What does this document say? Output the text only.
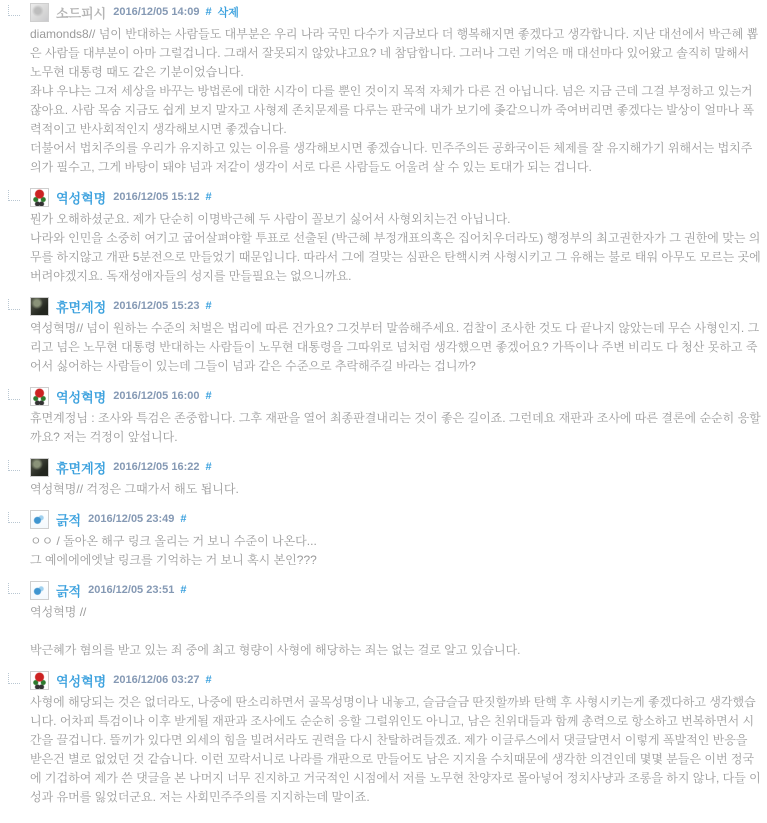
소드피시 2016/12/05 14:09 # 삭제
diamonds8// 넘이 반대하는 사람들도 대부분은 우리 나라 국민 다수가 지금보다 더 행복해지면 좋겠다고 생각합니다. 지난 대선에서 박근혜 뽑은 사람들 대부분이 아마 그럴겁니다. 그래서 잘못되지 않았냐고요? 네 참담합니다. 그러나 그런 기억은 매 대선마다 있어왔고 솔직히 말해서 노무현 대통령 때도 같은 기분이었습니다.
좌냐 우냐는 그저 세상을 바꾸는 방법론에 대한 시각이 다를 뿐인 것이지 목적 자체가 다른 건 아닙니다. 넘은 지금 근데 그걸 부정하고 있는거잖아요. 사람 목숨 지금도 쉽게 보지 말자고 사형제 존치문제를 다루는 판국에 내가 보기에 좆같으니까 죽여버리면 좋겠다는 발상이 얼마나 폭력적이고 반사회적인지 생각해보시면 좋겠습니다.
더불어서 법치주의를 우리가 유지하고 있는 이유를 생각해보시면 좋겠습니다. 민주주의든 공화국이든 체제를 잘 유지해가기 위해서는 법치주의가 필수고, 그게 바탕이 돼야 넘과 저같이 생각이 서로 다른 사람들도 어울려 살 수 있는 토대가 되는 겁니다.
역성혁명 2016/12/05 15:12 #
뭔가 오해하셨군요. 제가 단순히 이명박근혜 두 사람이 꼴보기 싫어서 사형외치는건 아닙니다.
나라와 인민을 소중히 여기고 굽어살펴야할 투표로 선출된 (박근혜 부정개표의혹은 집어치우더라도) 행정부의 최고권한자가 그 권한에 맞는 의무를 하지않고 개판 5분전으로 만들었기 때문입니다. 따라서 그에 걸맞는 심판은 탄핵시켜 사형시키고 그 유해는 불로 태워 아무도 모르는 곳에 버려야겠지요. 독재성애자들의 성지를 만들필요는 없으니까요.
휴면계정 2016/12/05 15:23 #
역성혁명// 넘이 원하는 수준의 처벌은 법리에 따른 건가요? 그것부터 말씀해주세요. 검찰이 조사한 것도 다 끝나지 않았는데 무슨 사형인지. 그리고 넘은 노무현 대통령 반대하는 사람들이 노무현 대통령을 그따위로 넘처럼 생각했으면 좋겠어요? 가뜩이나 주변 비리도 다 청산 못하고 죽어서 싫어하는 사람들이 있는데 그들이 넘과 같은 수준으로 추락해주길 바라는 겁니까?
역성혁명 2016/12/05 16:00 #
휴면계정님 : 조사와 특검은 존중합니다. 그후 재판을 열어 최종판결내리는 것이 좋은 길이죠. 그런데요 재판과 조사에 따른 결론에 순순히 응할까요? 저는 걱정이 앞섭니다.
휴면계정 2016/12/05 16:22 #
역성혁명// 걱정은 그때가서 해도 됩니다.
긁적 2016/12/05 23:49 #
ㅇㅇ / 돌아온 해구 링크 올리는 거 보니 수준이 나온다...
그 예에에에엣날 링크를 기억하는 거 보니 혹시 본인???
긁적 2016/12/05 23:51 #
역성혁명 //
박근혜가 혐의를 받고 있는 죄 중에 최고 형량이 사형에 해당하는 죄는 없는 걸로 알고 있습니다.
역성혁명 2016/12/06 03:27 #
사형에 해당되는 것은 없더라도, 나중에 딴소리하면서 골목성명이나 내놓고, 슬금슬금 딴짓할까봐 탄핵 후 사형시키는게 좋겠다하고 생각했습니다. 어차피 특검이나 이후 받게될 재판과 조사에도 순순히 응할 그럴위인도 아니고, 남은 친위대들과 함께 총력으로 항소하고 번복하면서 시간을 끌겁니다. 뜰끼가 있다면 외세의 힘을 빌려서라도 권력을 다시 찬탈하려들겠죠. 제가 이글루스에서 댓글달면서 이렇게 폭발적인 반응을 받은건 별로 없었던 것 같습니다. 이런 꼬락서니로 나라를 개판으로 만들어도 남은 지지율 수치때문에 생각한 의견인데 몇몇 분들은 이번 정국에 기겁하여 제가 쓴 댓글을 본 나머지 너무 진지하고 거국적인 시점에서 저를 노무현 찬양자로 몰아넣어 정치사냥과 조롱을 하지 않나, 다들 이성과 유머를 잃었더군요. 저는 사회민주주의를 지지하는데 말이죠.
